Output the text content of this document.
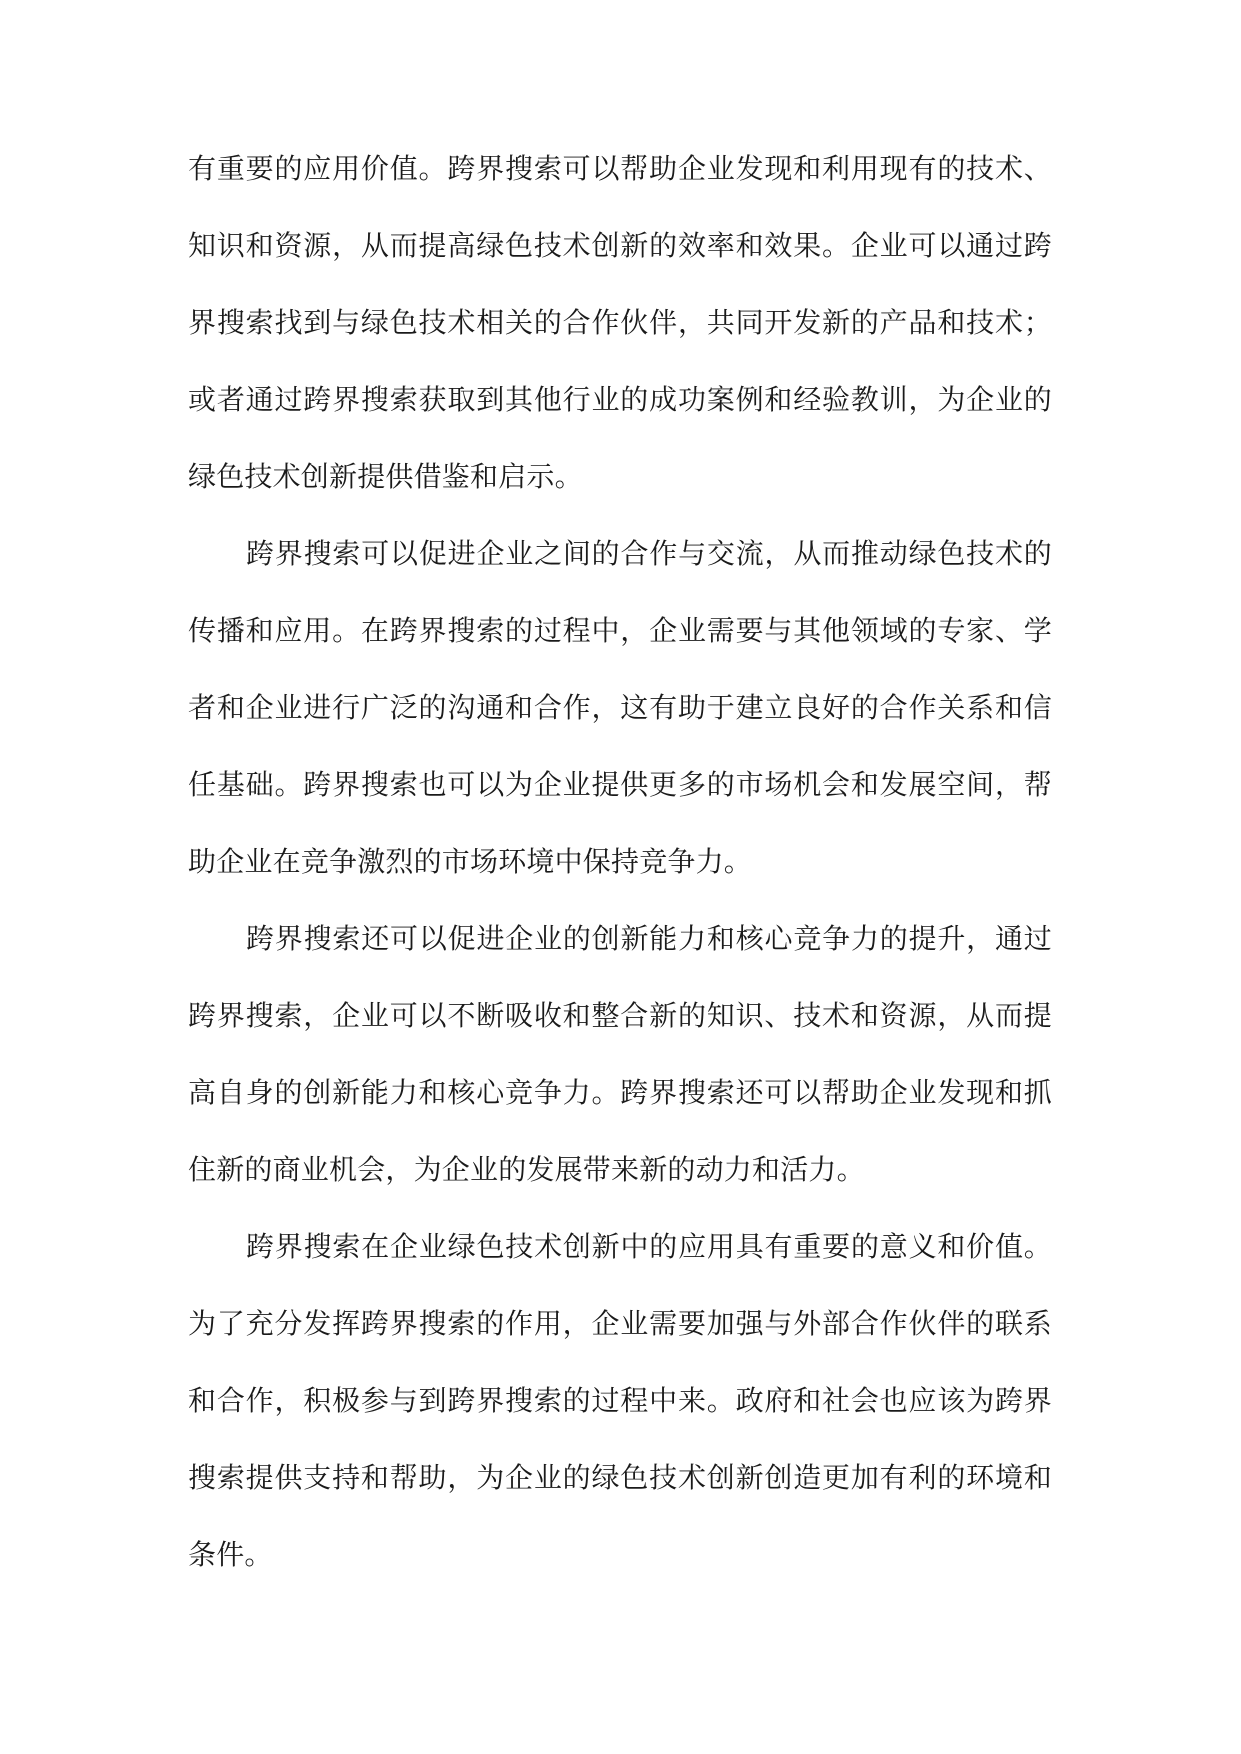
有重要的应用价值。跨界搜索可以帮助企业发现和利用现有的技术、知识和资源，从而提高绿色技术创新的效率和效果。企业可以通过跨界搜索找到与绿色技术相关的合作伙伴，共同开发新的产品和技术；或者通过跨界搜索获取到其他行业的成功案例和经验教训，为企业的绿色技术创新提供借鉴和启示。

跨界搜索可以促进企业之间的合作与交流，从而推动绿色技术的传播和应用。在跨界搜索的过程中，企业需要与其他领域的专家、学者和企业进行广泛的沟通和合作，这有助于建立良好的合作关系和信任基础。跨界搜索也可以为企业提供更多的市场机会和发展空间，帮助企业在竞争激烈的市场环境中保持竞争力。

跨界搜索还可以促进企业的创新能力和核心竞争力的提升，通过跨界搜索，企业可以不断吸收和整合新的知识、技术和资源，从而提高自身的创新能力和核心竞争力。跨界搜索还可以帮助企业发现和抓住新的商业机会，为企业的发展带来新的动力和活力。

跨界搜索在企业绿色技术创新中的应用具有重要的意义和价值。为了充分发挥跨界搜索的作用，企业需要加强与外部合作伙伴的联系和合作，积极参与到跨界搜索的过程中来。政府和社会也应该为跨界搜索提供支持和帮助，为企业的绿色技术创新创造更加有利的环境和条件。
